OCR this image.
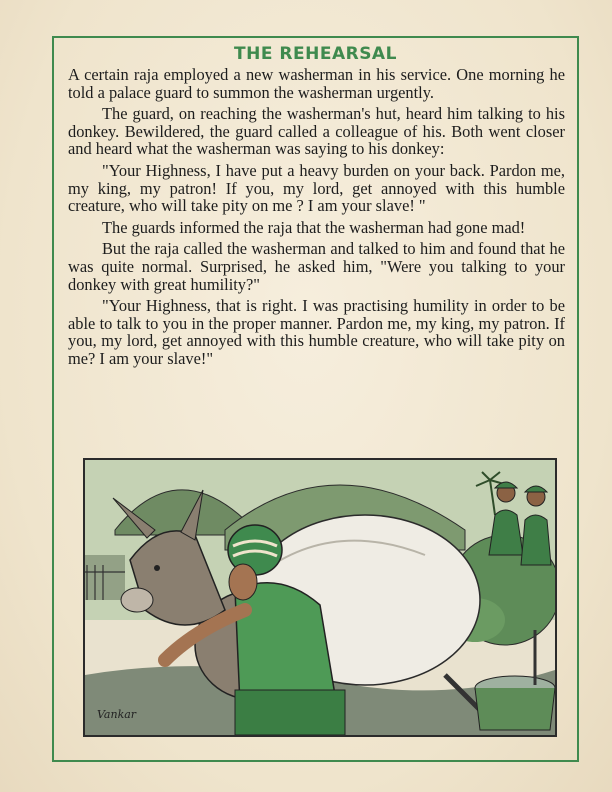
THE REHEARSAL

A certain raja employed a new washerman in his service. One morning he told a palace guard to summon the washerman urgently.

The guard, on reaching the washerman's hut, heard him talking to his donkey. Bewildered, the guard called a colleague of his. Both went closer and heard what the washerman was saying to his donkey:

"Your Highness, I have put a heavy burden on your back. Pardon me, my king, my patron! If you, my lord, get annoyed with this humble creature, who will take pity on me ? I am your slave! "

The guards informed the raja that the washerman had gone mad!

But the raja called the washerman and talked to him and found that he was quite normal. Surprised, he asked him, "Were you talking to your donkey with great humility?"

"Your Highness, that is right. I was practising humility in order to be able to talk to you in the proper manner. Pardon me, my king, my patron. If you, my lord, get annoyed with this humble creature, who will take pity on me? I am your slave!"

Vankar
